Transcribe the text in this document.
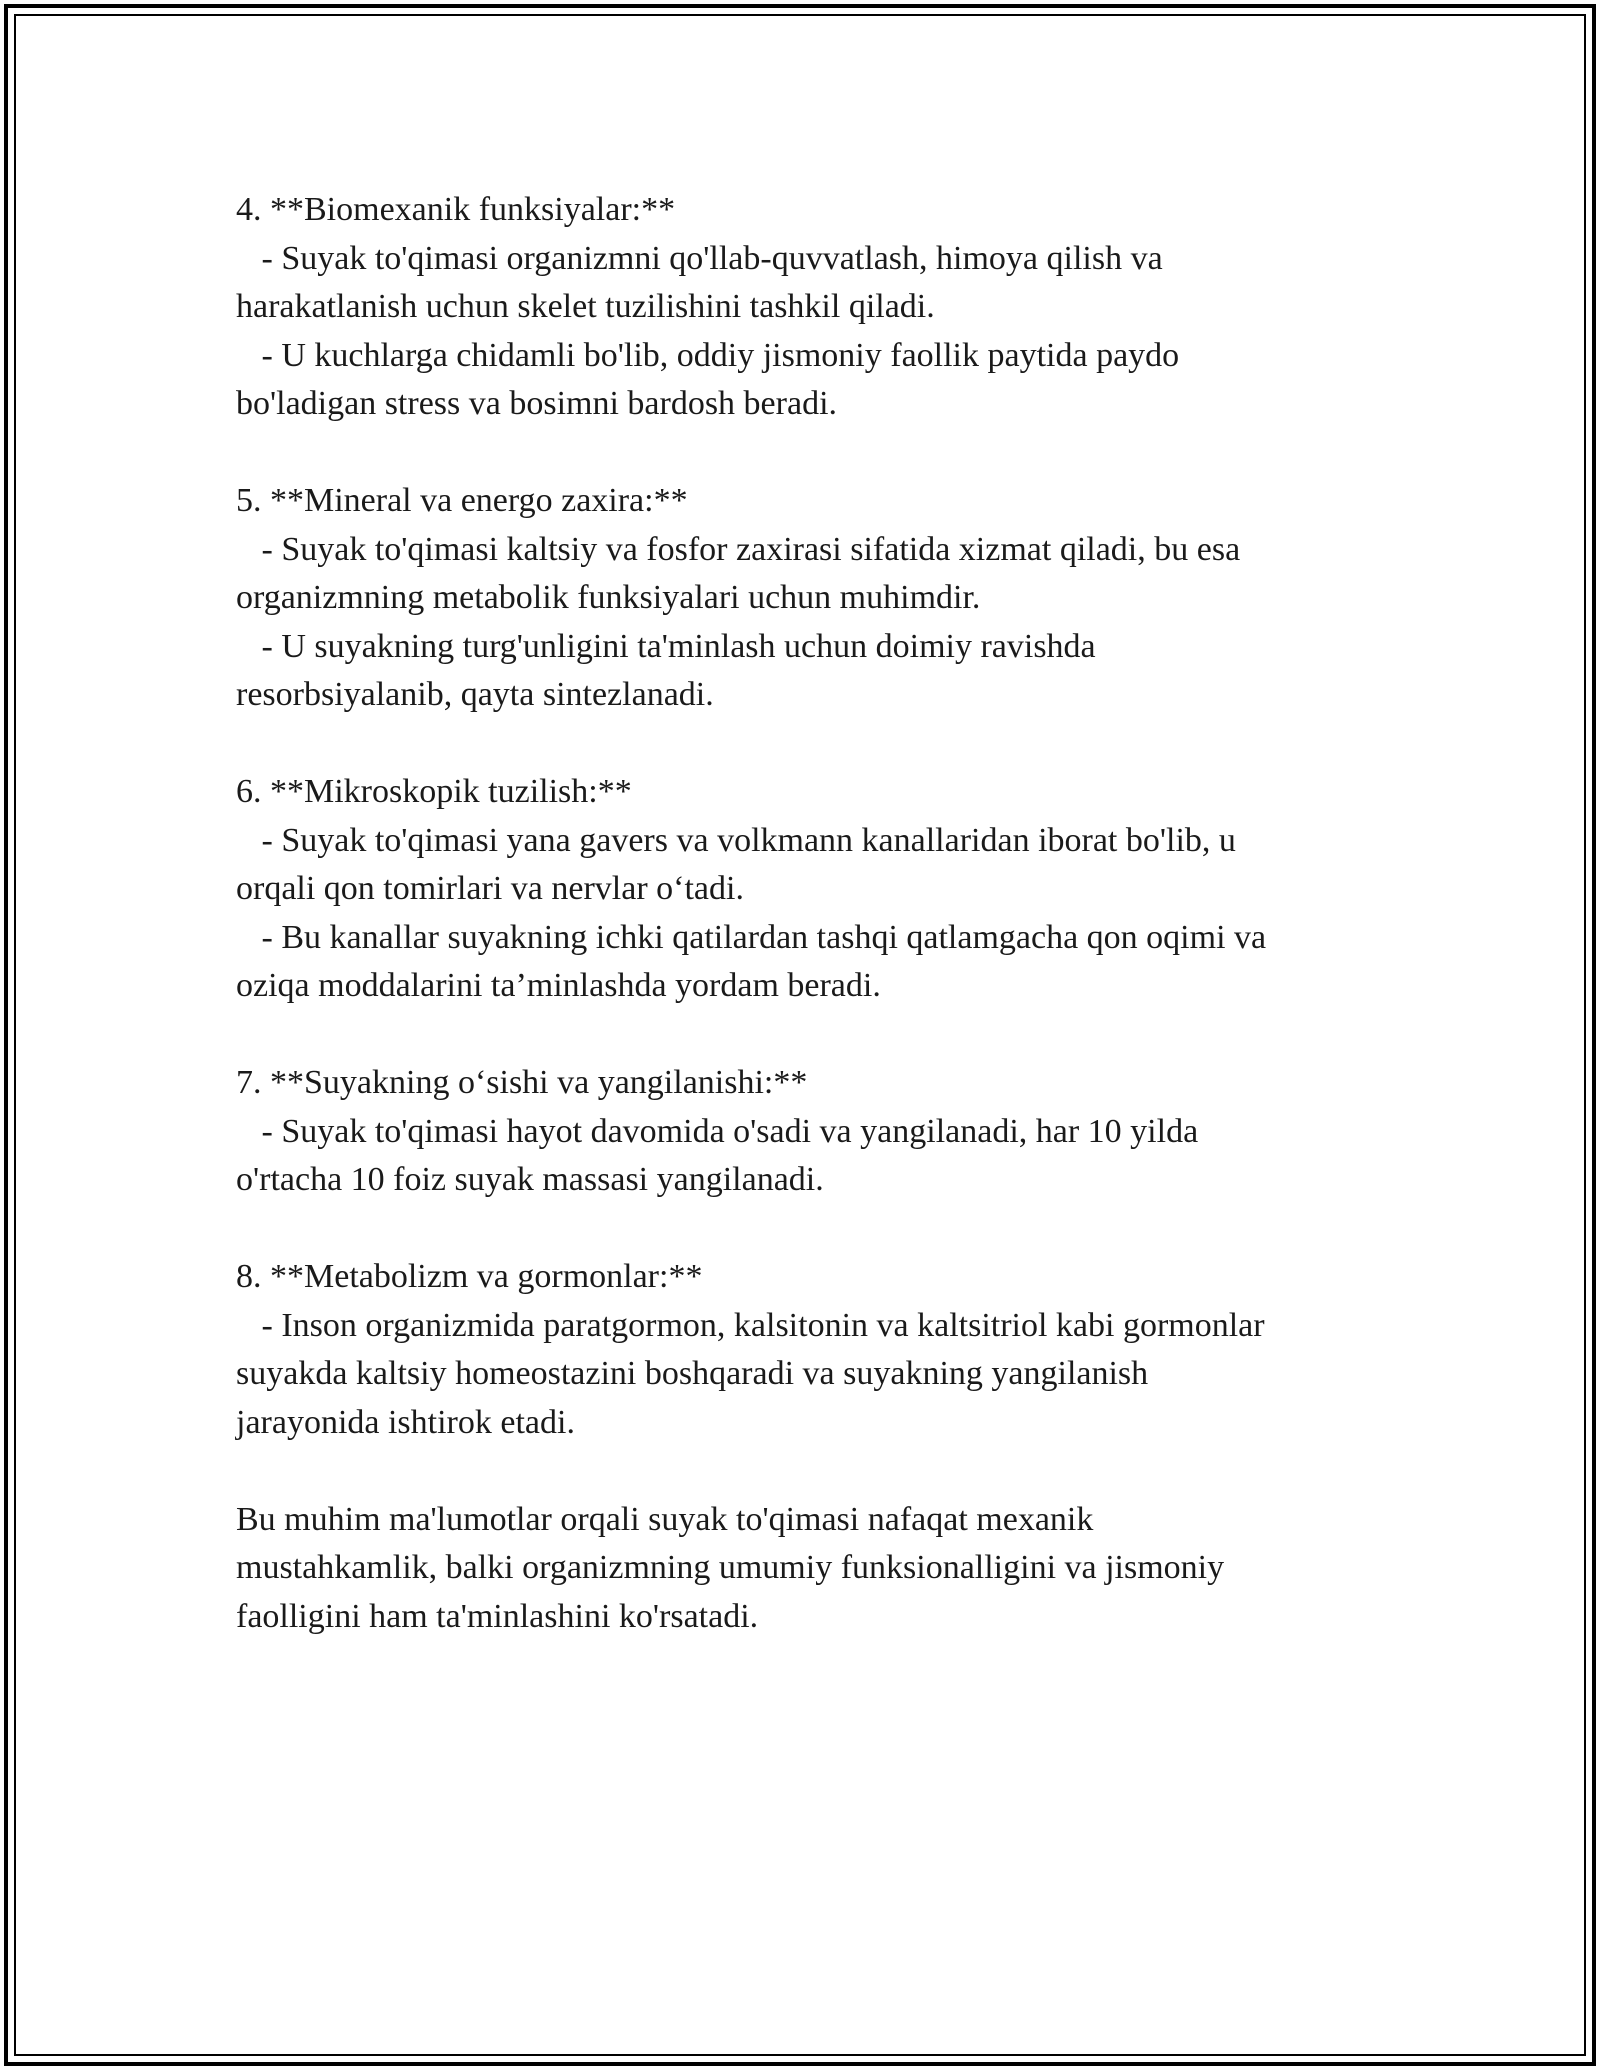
4. **Biomexanik funksiyalar:**

- Suyak to'qimasi organizmni qo'llab-quvvatlash, himoya qilish va

harakatlanish uchun skelet tuzilishini tashkil qiladi.

- U kuchlarga chidamli bo'lib, oddiy jismoniy faollik paytida paydo

bo'ladigan stress va bosimni bardosh beradi.

5. **Mineral va energo zaxira:**

- Suyak to'qimasi kaltsiy va fosfor zaxirasi sifatida xizmat qiladi, bu esa

organizmning metabolik funksiyalari uchun muhimdir.

- U suyakning turg'unligini ta'minlash uchun doimiy ravishda

resorbsiyalanib, qayta sintezlanadi.

6. **Mikroskopik tuzilish:**

- Suyak to'qimasi yana gavers va volkmann kanallaridan iborat bo'lib, u

orqali qon tomirlari va nervlar o‘tadi.

- Bu kanallar suyakning ichki qatilardan tashqi qatlamgacha qon oqimi va

oziqa moddalarini ta’minlashda yordam beradi.

7. **Suyakning o‘sishi va yangilanishi:**

- Suyak to'qimasi hayot davomida o'sadi va yangilanadi, har 10 yilda

o'rtacha 10 foiz suyak massasi yangilanadi.

8. **Metabolizm va gormonlar:**

- Inson organizmida paratgormon, kalsitonin va kaltsitriol kabi gormonlar

suyakda kaltsiy homeostazini boshqaradi va suyakning yangilanish

jarayonida ishtirok etadi.

Bu muhim ma'lumotlar orqali suyak to'qimasi nafaqat mexanik

mustahkamlik, balki organizmning umumiy funksionalligini va jismoniy

faolligini ham ta'minlashini ko'rsatadi.
